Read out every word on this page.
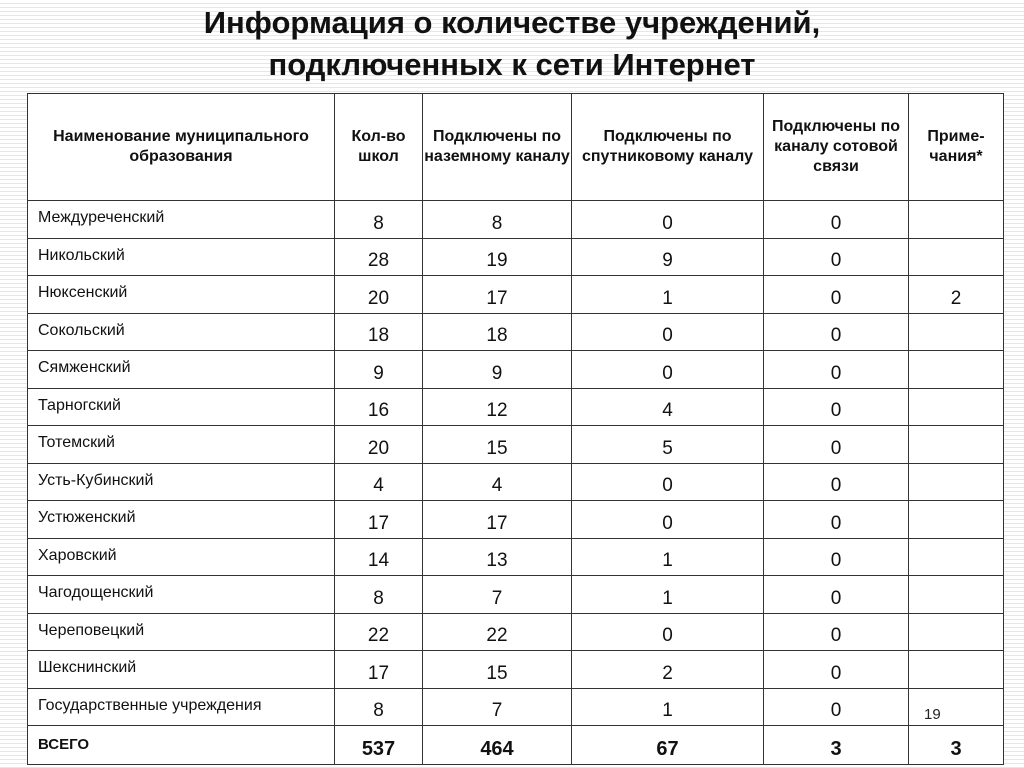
Информация о количестве учреждений,
подключенных к сети Интернет
Наименование муниципального образования	Кол-во школ	Подключены по наземному каналу	Подключены по спутниковому каналу	Подключены по каналу сотовой связи	Приме-чания*
Междуреченский	8	8	0	0	
Никольский	28	19	9	0	
Нюксенский	20	17	1	0	2
Сокольский	18	18	0	0	
Сямженский	9	9	0	0	
Тарногский	16	12	4	0	
Тотемский	20	15	5	0	
Усть-Кубинский	4	4	0	0	
Устюженский	17	17	0	0	
Харовский	14	13	1	0	
Чагодощенский	8	7	1	0	
Череповецкий	22	22	0	0	
Шекснинский	17	15	2	0	
Государственные учреждения	8	7	1	0	
ВСЕГО	537	464	67	3	3
19
